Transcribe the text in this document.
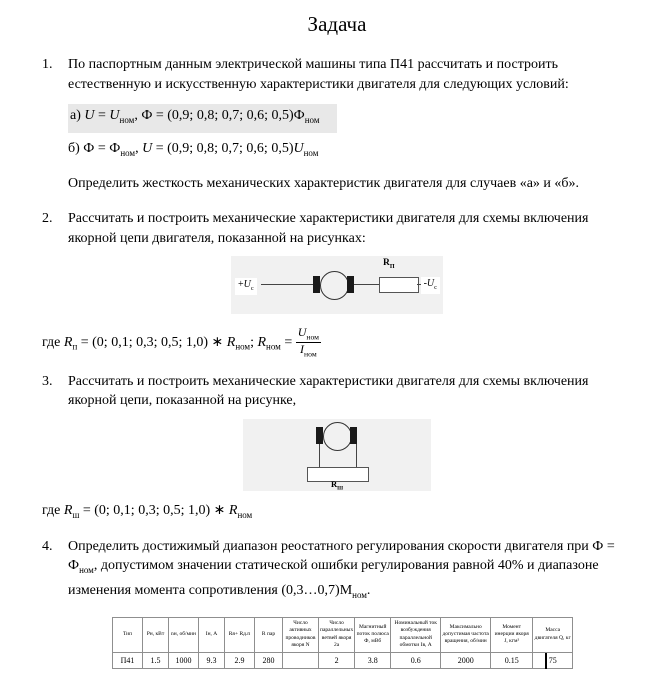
Задача
1.	По паспортным данным электрической машины типа П41 рассчитать и построить естественную и искусственную характеристики двигателя для следующих условий:

а) $U = U_{ном}$, Ф = (0,9; 0,8; 0,7; 0,6; $0,5)Ф_{ном}$

б) $Ф = Ф_{ном}$, U = (0,9; 0,8; 0,7; 0,6; $0,5)U_{ном}$

Определить жесткость механических характеристик двигателя для случаев «а» и «б».

2.	Рассчитать и построить механические характеристики двигателя для схемы включения якорной цепи двигателя, показанной на рисунках:

$+U_c$
$R_П$
$-U_c$

где $R_п = (0$; 0,1; 0,3; 0,5; 1,0) ∗ $R_{ном}$; $R_{ном} = \frac{U_{ном}}{I_{ном}}$

3.	Рассчитать и построить механические характеристики двигателя для схемы включения якорной цепи, показанной на рисунке,

$R_Ш$

где $R_ш = (0$; 0,1; 0,3; 0,5; 1,0) ∗ $R_{ном}$

4.	Определить достижимый диапазон реостатного регулирования скорости двигателя при $Ф = Ф_{ном}$, допустимом значении статической ошибки регулирования равной 40% и диапазоне изменения момента сопротивления $(0,3\dots 0,7)М_{ном}$.

Тип	Рн, кВт	nн, об/мин	Iн, А	Rя+ Rд.п	R пар	Число активных проводников якоря N	Число параллельных ветвей якоря 2a	Магнитный поток полюса Ф, мВб	Номинальный ток возбуждения параллельной обмотки Iв, А	Максимально допустимая частота вращения, об/мин	Момент инерции якоря J, кгм²	Масса двигателя Q, кг
П41	1.5	1000	9.3	2.9	280		2	3.8	0.6	2000	0.15	75
